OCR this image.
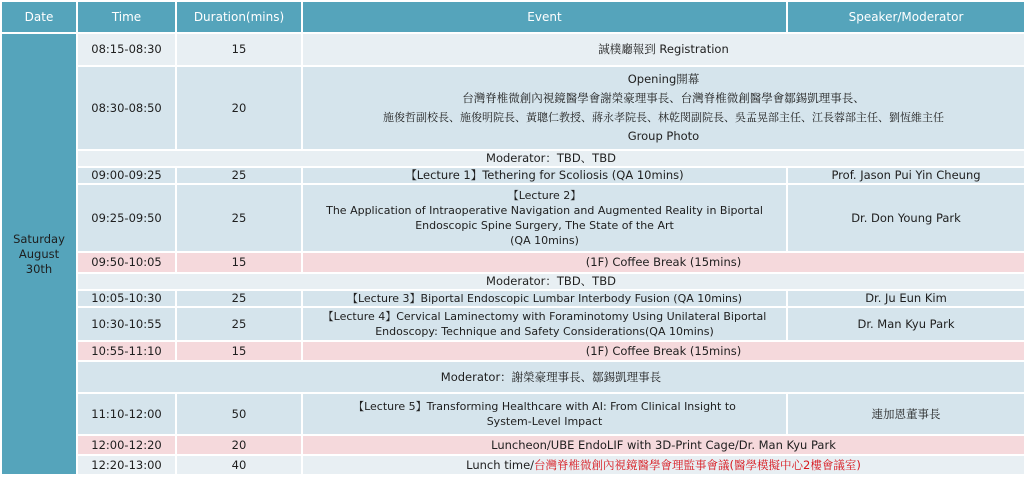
Date	Time	Duration(mins)	Event	Speaker/Moderator

Saturday
August
30th	08:15-08:30	15	誠樸廳報到 Registration	
	08:30-08:50	20	Opening開幕
台灣脊椎微創內視鏡醫學會謝榮豪理事長、台灣脊椎微創醫學會鄒錫凱理事長、
施俊哲副校長、施俊明院長、黃聰仁教授、蔣永孝院長、林乾閔副院長、吳孟晃部主任、江長蓉部主任、劉恆維主任
Group Photo	

	Moderator：TBD、TBD			
	09:00-09:25	25	【Lecture 1】Tethering for Scoliosis (QA 10mins)	Prof. Jason Pui Yin Cheung
	09:25-09:50	25	【Lecture 2】
The Application of Intraoperative Navigation and Augmented Reality in Biportal
Endoscopic Spine Surgery, The State of the Art
(QA 10mins)	Dr. Don Young Park
	09:50-10:05	15	(1F) Coffee Break (15mins)	
	Moderator：TBD、TBD			
	10:05-10:30	25	【Lecture 3】Biportal Endoscopic Lumbar Interbody Fusion (QA 10mins)	Dr. Ju Eun Kim
	10:30-10:55	25	【Lecture 4】Cervical Laminectomy with Foraminotomy Using Unilateral Biportal
Endoscopy: Technique and Safety Considerations(QA 10mins)	Dr. Man Kyu Park
	10:55-11:10	15	(1F) Coffee Break (15mins)	
	Moderator：謝榮豪理事長、鄒錫凱理事長			
	11:10-12:00	50	【Lecture 5】Transforming Healthcare with AI: From Clinical Insight to
System-Level Impact	連加恩董事長
	12:00-12:20	20	Luncheon/UBE EndoLIF with 3D-Print Cage/Dr. Man Kyu Park	
	12:20-13:00	40	Lunch time/台灣脊椎微創內視鏡醫學會理監事會議(醫學模擬中心2樓會議室)	
